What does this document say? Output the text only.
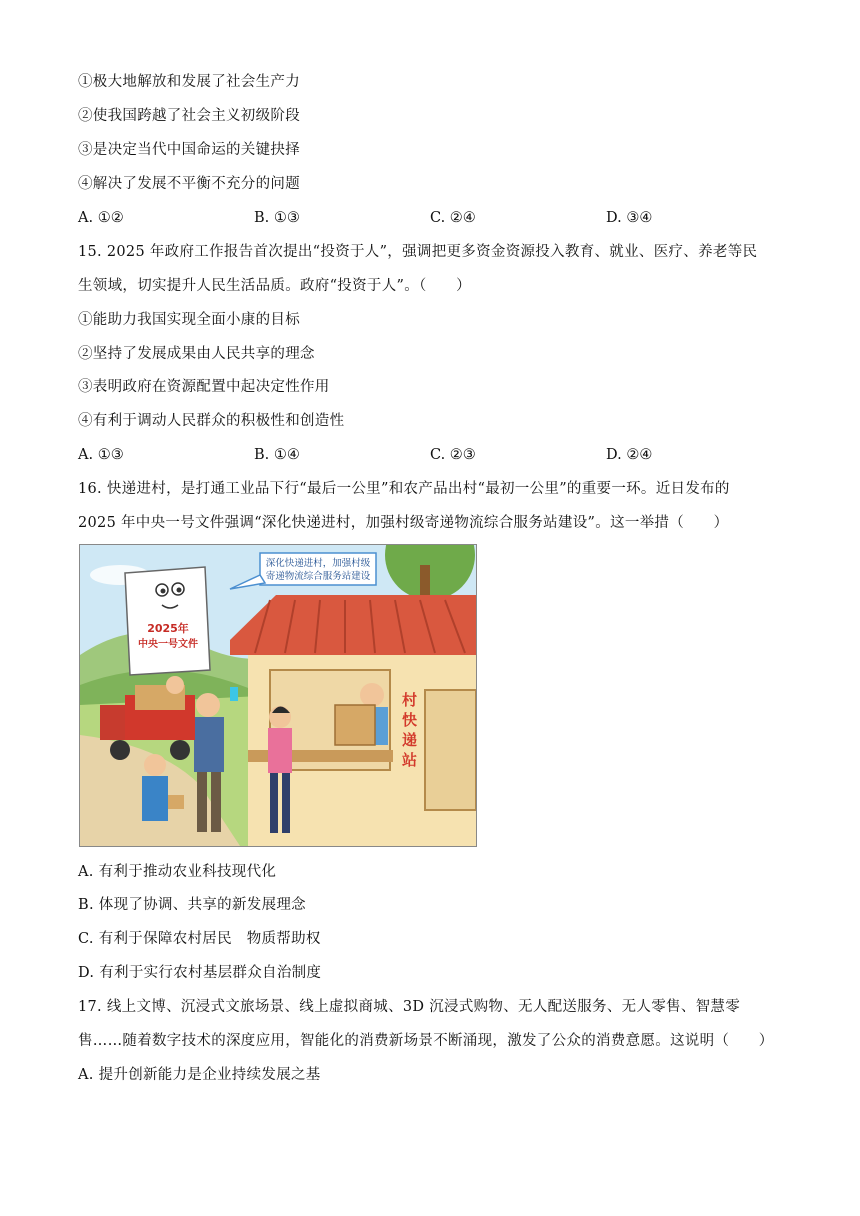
①极大地解放和发展了社会生产力
②使我国跨越了社会主义初级阶段
③是决定当代中国命运的关键抉择
④解决了发展不平衡不充分的问题
A. ①②	B. ①③	C. ②④	D. ③④
15. 2025 年政府工作报告首次提出“投资于人”，强调把更多资金资源投入教育、就业、医疗、养老等民
生领域，切实提升人民生活品质。政府“投资于人”。（　　）
①能助力我国实现全面小康的目标
②坚持了发展成果由人民共享的理念
③表明政府在资源配置中起决定性作用
④有利于调动人民群众的积极性和创造性
A. ①③	B. ①④	C. ②③	D. ②④
16. 快递进村，是打通工业品下行“最后一公里”和农产品出村“最初一公里”的重要一环。近日发布的
2025 年中央一号文件强调“深化快递进村，加强村级寄递物流综合服务站建设”。这一举措（　　）
村
快
递
站
2025年
中央一号文件
深化快递进村，加强村级
寄递物流综合服务站建设
A. 有利于推动农业科技现代化
B. 体现了协调、共享的新发展理念
C. 有利于保障农村居民　物质帮助权
D. 有利于实行农村基层群众自治制度
17. 线上文博、沉浸式文旅场景、线上虚拟商城、3D 沉浸式购物、无人配送服务、无人零售、智慧零
售……随着数字技术的深度应用，智能化的消费新场景不断涌现，激发了公众的消费意愿。这说明（　　）
A. 提升创新能力是企业持续发展之基
